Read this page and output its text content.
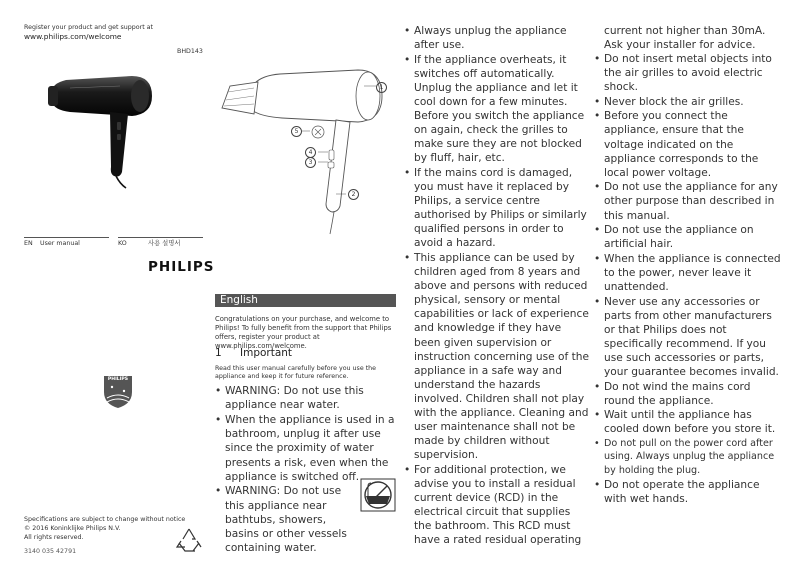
Register your product and get support at
www.philips.com/welcome
BHD143
EN User manual	KO	사용 설명서
PHILIPS
Specifications are subject to change without notice
© 2016 Koninklijke Philips N.V.
All rights reserved.
3140 035 42791
1
5
4
3
2
English
Congratulations on your purchase, and welcome to Philips! To fully benefit from the support that Philips offers, register your product at www.philips.com/welcome.
1 Important
Read this user manual carefully before you use the appliance and keep it for future reference.
• WARNING: Do not use this appliance near water.
• When the appliance is used in a bathroom, unplug it after use since the proximity of water presents a risk, even when the appliance is switched off.
• WARNING: Do not use this appliance near bathtubs, showers, basins or other vessels containing water.
PHILIPS
• Always unplug the appliance after use.
• If the appliance overheats, it switches off automatically. Unplug the appliance and let it cool down for a few minutes. Before you switch the appliance on again, check the grilles to make sure they are not blocked by fluff, hair, etc.
• If the mains cord is damaged, you must have it replaced by Philips, a service centre authorised by Philips or similarly qualified persons in order to avoid a hazard.
• This appliance can be used by children aged from 8 years and above and persons with reduced physical, sensory or mental capabilities or lack of experience and knowledge if they have been given supervision or instruction concerning use of the appliance in a safe way and understand the hazards involved. Children shall not play with the appliance. Cleaning and user maintenance shall not be made by children without supervision.
• For additional protection, we advise you to install a residual current device (RCD) in the electrical circuit that supplies the bathroom. This RCD must have a rated residual operating
current not higher than 30mA. Ask your installer for advice.
• Do not insert metal objects into the air grilles to avoid electric shock.
• Never block the air grilles.
• Before you connect the appliance, ensure that the voltage indicated on the appliance corresponds to the local power voltage.
• Do not use the appliance for any other purpose than described in this manual.
• Do not use the appliance on artificial hair.
• When the appliance is connected to the power, never leave it unattended.
• Never use any accessories or parts from other manufacturers or that Philips does not specifically recommend. If you use such accessories or parts, your guarantee becomes invalid.
• Do not wind the mains cord round the appliance.
• Wait until the appliance has cooled down before you store it.
• Do not pull on the power cord after using. Always unplug the appliance by holding the plug.
• Do not operate the appliance with wet hands.
